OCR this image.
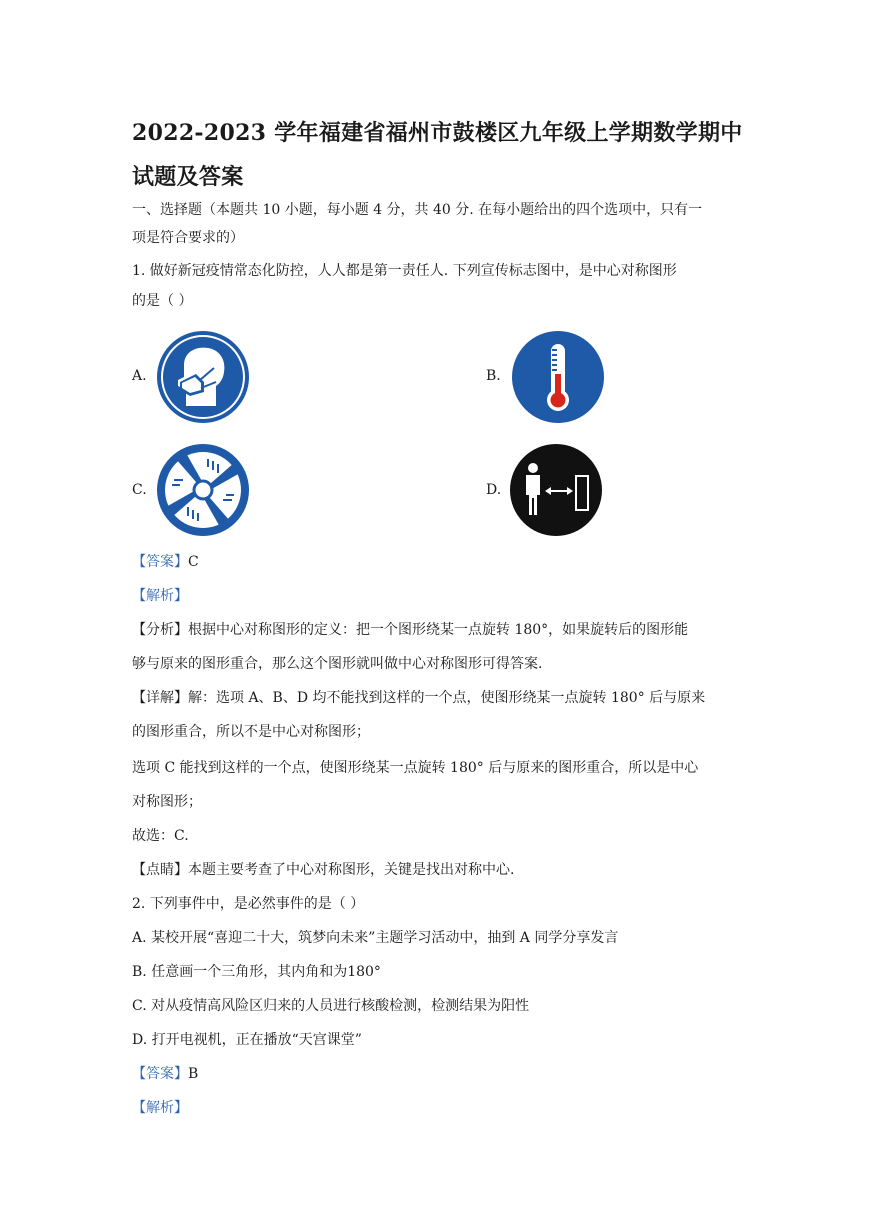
2022-2023 学年福建省福州市鼓楼区九年级上学期数学期中
试题及答案
一、选择题（本题共 10 小题，每小题 4 分，共 40 分. 在每小题给出的四个选项中，只有一
项是符合要求的）
1. 做好新冠疫情常态化防控，人人都是第一责任人. 下列宣传标志图中，是中心对称图形
的是（ ）
A.	B.
C.	D.
【答案】C
【解析】
【分析】根据中心对称图形的定义：把一个图形绕某一点旋转 180°，如果旋转后的图形能
够与原来的图形重合，那么这个图形就叫做中心对称图形可得答案.
【详解】解：选项 A、B、D 均不能找到这样的一个点，使图形绕某一点旋转 180° 后与原来
的图形重合，所以不是中心对称图形；
选项 C 能找到这样的一个点，使图形绕某一点旋转 180° 后与原来的图形重合，所以是中心
对称图形；
故选：C.
【点睛】本题主要考查了中心对称图形，关键是找出对称中心.
2. 下列事件中，是必然事件的是（ ）
A. 某校开展“喜迎二十大，筑梦向未来”主题学习活动中，抽到 A 同学分享发言
B. 任意画一个三角形，其内角和为180°
C. 对从疫情高风险区归来的人员进行核酸检测，检测结果为阳性
D. 打开电视机，正在播放“天宫课堂”
【答案】B
【解析】
